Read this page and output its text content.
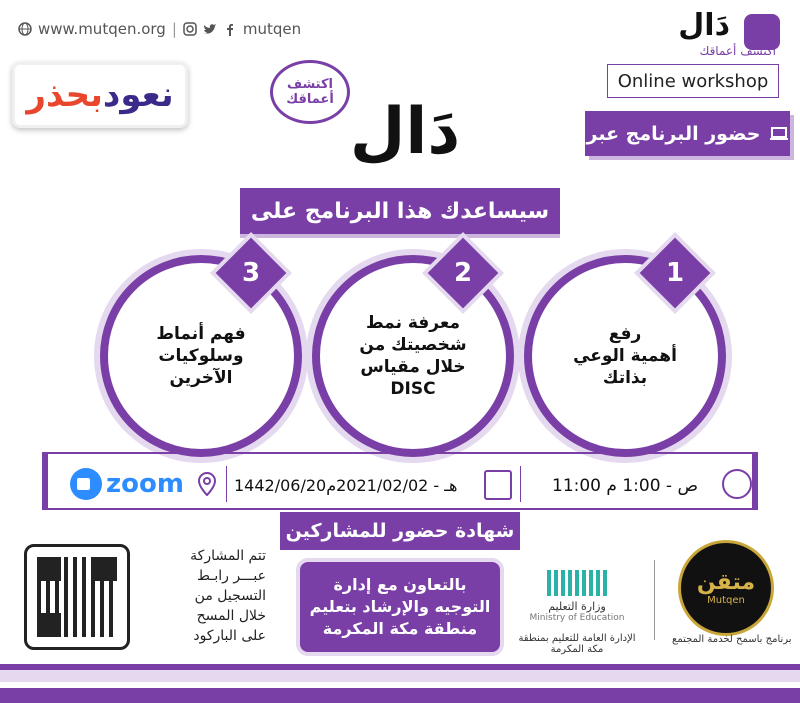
www.mutqen.org |	mutqen	دَال
اكتشف أعماقك
بحذر نعود	Online workshop
حضور البرنامج عبر
اكتشف
أعماقك دَال
سيساعدك هذا البرنامج على
رفع
أهمية الوعي
بذاتك
1
معرفة نمط
شخصيتك من
خلال مقياس
DISC
2
فهم أنماط
وسلوكيات
الآخرين
3
zoom	1442/06/20هـ - 2021/02/02م	11:00 ص - 1:00 م
شهادة حضور للمشاركين
تتم المشاركة
عبـــر رابـط
التسجيل من
خلال المسح
على الباركود
بالتعاون مع إدارة
التوجيه والإرشاد بتعليم
منطقة مكة المكرمة
وزارة التعليم
Ministry of Education
الإدارة العامة للتعليم بمنطقة مكة المكرمة
متقن
Mutqen
برنامج باسمح لخدمة المجتمع
